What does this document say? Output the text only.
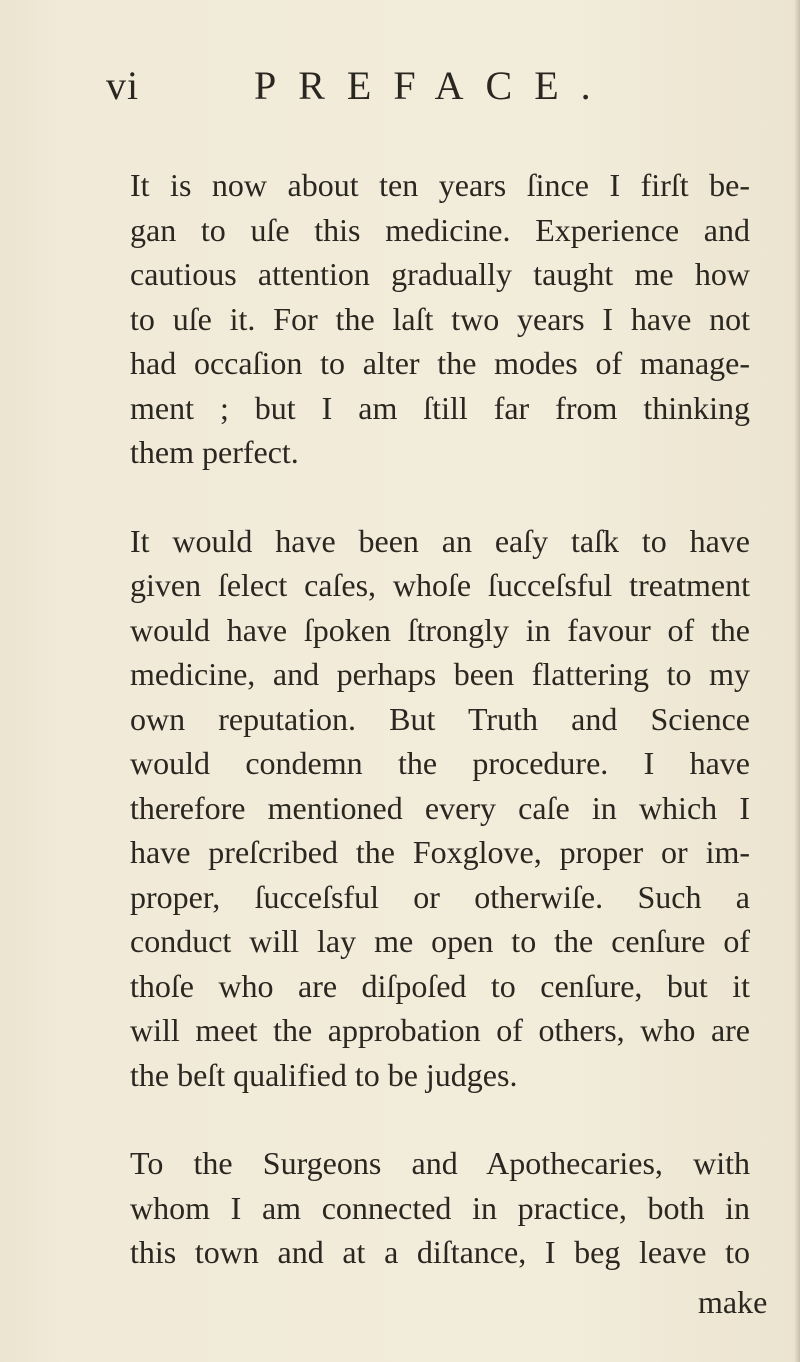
vi	PREFACE.
It is now about ten years ſince I firſt be-
gan to uſe this medicine. Experience and
cautious attention gradually taught me how
to uſe it. For the laſt two years I have not
had occaſion to alter the modes of manage-
ment ; but I am ſtill far from thinking
them perfect.
It would have been an eaſy taſk to have
given ſelect caſes, whoſe ſucceſsful treatment
would have ſpoken ſtrongly in favour of the
medicine, and perhaps been flattering to my
own reputation. But Truth and Science
would condemn the procedure. I have
therefore mentioned every caſe in which I
have preſcribed the Foxglove, proper or im-
proper, ſucceſsful or otherwiſe. Such a
conduct will lay me open to the cenſure of
thoſe who are diſpoſed to cenſure, but it
will meet the approbation of others, who are
the beſt qualified to be judges.
To the Surgeons and Apothecaries, with
whom I am connected in practice, both in
this town and at a diſtance, I beg leave to
make
